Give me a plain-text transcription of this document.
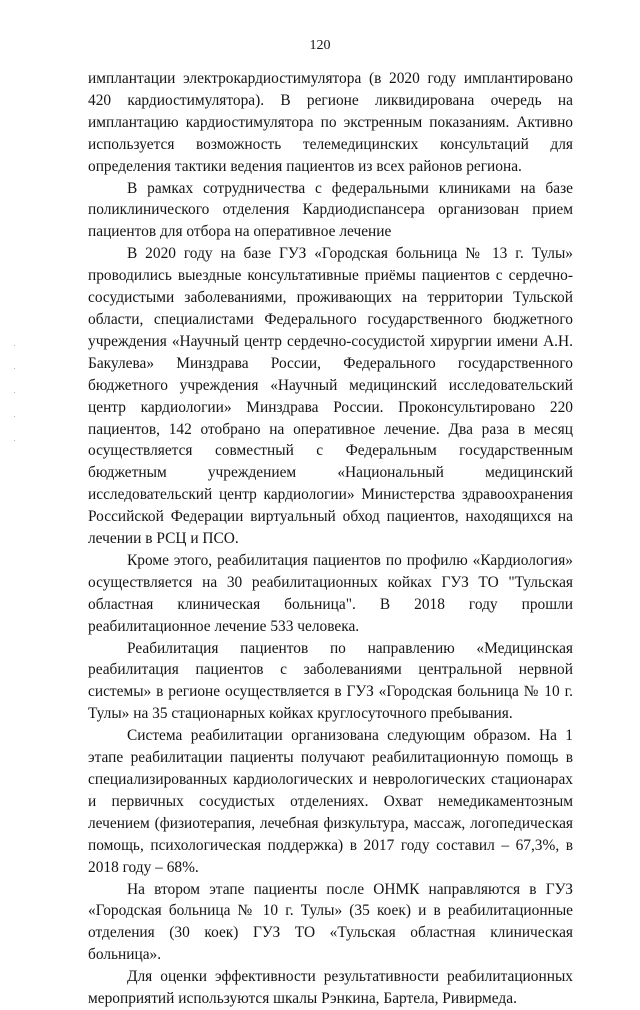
120

имплантации электрокардиостимулятора (в 2020 году имплантировано 420 кардиостимулятора). В регионе ликвидирована очередь на имплантацию кардиостимулятора по экстренным показаниям. Активно используется возможность телемедицинских консультаций для определения тактики ведения пациентов из всех районов региона.

В рамках сотрудничества с федеральными клиниками на базе поликлинического отделения Кардиодиспансера организован прием пациентов для отбора на оперативное лечение

В 2020 году на базе ГУЗ «Городская больница № 13 г. Тулы» проводились выездные консультативные приёмы пациентов с сердечно-сосудистыми заболеваниями, проживающих на территории Тульской области, специалистами Федерального государственного бюджетного учреждения «Научный центр сердечно-сосудистой хирургии имени А.Н. Бакулева» Минздрава России, Федерального государственного бюджетного учреждения «Научный медицинский исследовательский центр кардиологии» Минздрава России. Проконсультировано 220 пациентов, 142 отобрано на оперативное лечение. Два раза в месяц осуществляется совместный с Федеральным государственным бюджетным учреждением «Национальный медицинский исследовательский центр кардиологии» Министерства здравоохранения Российской Федерации виртуальный обход пациентов, находящихся на лечении в РСЦ и ПСО.

Кроме этого, реабилитация пациентов по профилю «Кардиология» осуществляется на 30 реабилитационных койках ГУЗ ТО "Тульская областная клиническая больница". В 2018 году прошли реабилитационное лечение 533 человека.

Реабилитация пациентов по направлению «Медицинская реабилитация пациентов с заболеваниями центральной нервной системы» в регионе осуществляется в ГУЗ «Городская больница № 10 г. Тулы» на 35 стационарных койках круглосуточного пребывания.

Система реабилитации организована следующим образом. На 1 этапе реабилитации пациенты получают реабилитационную помощь в специализированных кардиологических и неврологических стационарах и первичных сосудистых отделениях. Охват немедикаментозным лечением (физиотерапия, лечебная физкультура, массаж, логопедическая помощь, психологическая поддержка) в 2017 году составил – 67,3%, в 2018 году – 68%.

На втором этапе пациенты после ОНМК направляются в ГУЗ «Городская больница № 10 г. Тулы» (35 коек) и в реабилитационные отделения (30 коек) ГУЗ ТО «Тульская областная клиническая больница».

Для оценки эффективности результативности реабилитационных мероприятий используются шкалы Рэнкина, Бартела, Ривирмеда.
